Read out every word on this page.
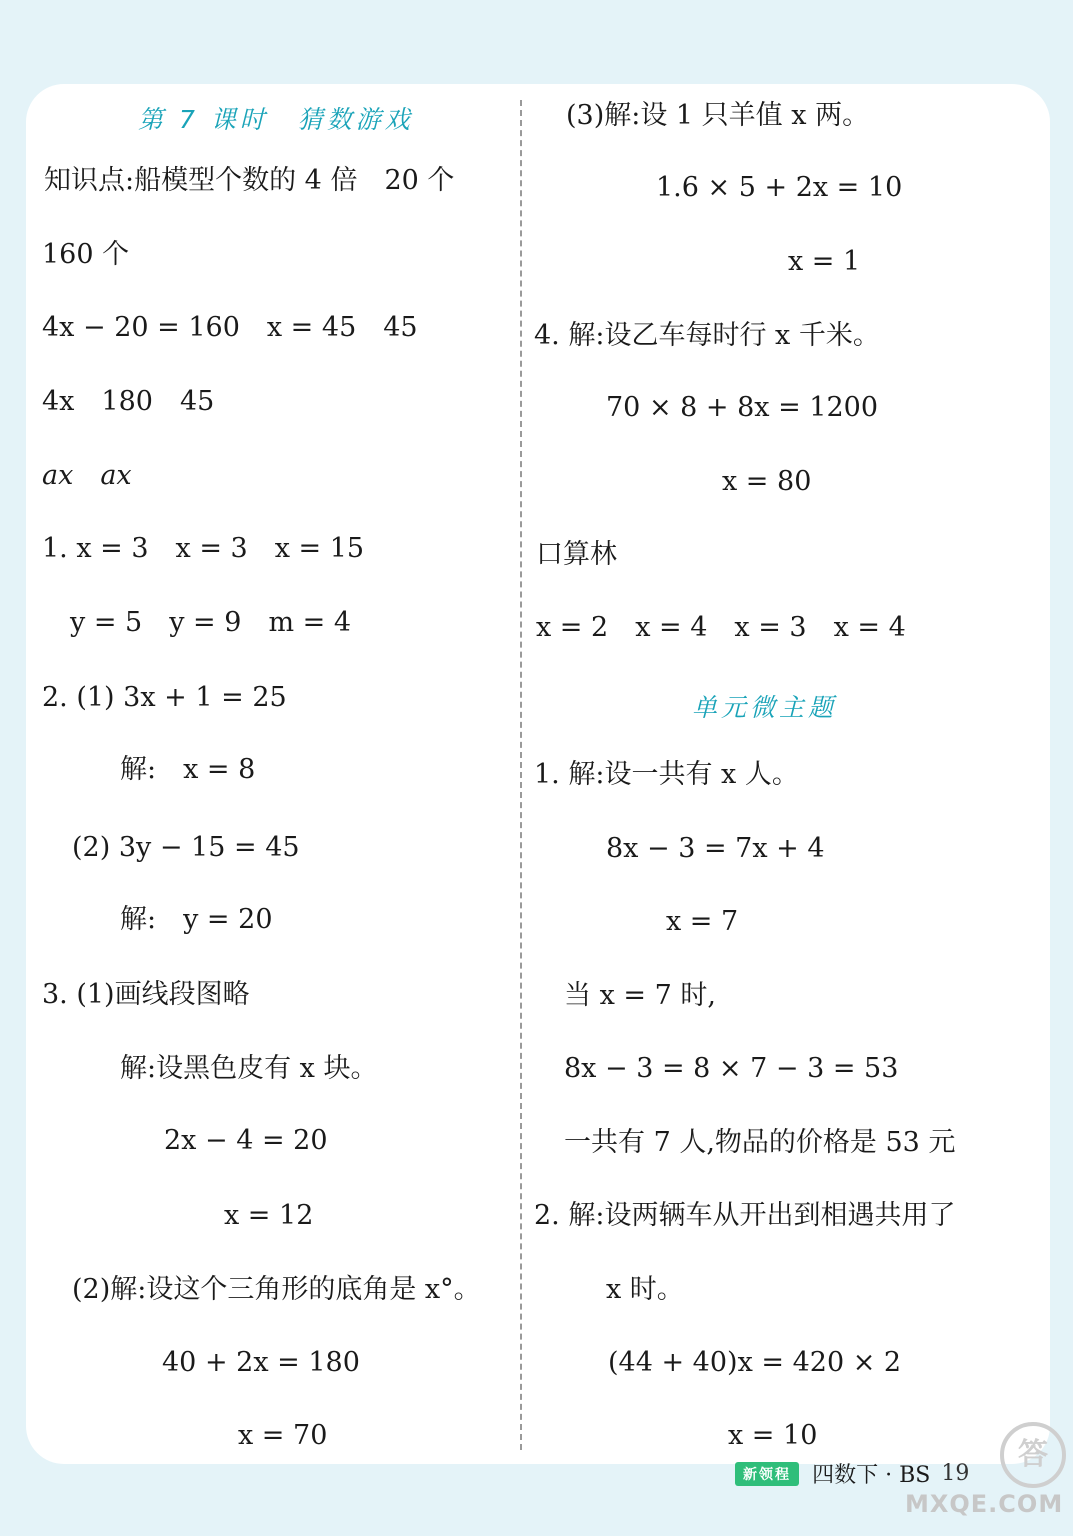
第 7 课时　猜数游戏
知识点:船模型个数的 4 倍　20 个
160 个
4x − 20 = 160　x = 45　45
4x　180　45
ax　ax
1. x = 3　x = 3　x = 15
y = 5　y = 9　m = 4
2. (1) 3x + 1 = 25
解:　x = 8
(2) 3y − 15 = 45
解:　y = 20
3. (1)画线段图略
解:设黑色皮有 x 块。
2x − 4 = 20
x = 12
(2)解:设这个三角形的底角是 x°。
40 + 2x = 180
x = 70
(3)解:设 1 只羊值 x 两。
1.6 × 5 + 2x = 10
x = 1
4. 解:设乙车每时行 x 千米。
70 × 8 + 8x = 1200
x = 80
口算林
x = 2　x = 4　x = 3　x = 4
单元微主题
1. 解:设一共有 x 人。
8x − 3 = 7x + 4
x = 7
当 x = 7 时,
8x − 3 = 8 × 7 − 3 = 53
一共有 7 人,物品的价格是 53 元
2. 解:设两辆车从开出到相遇共用了
x 时。
(44 + 40)x = 420 × 2
x = 10
新领程 四数下 · BS 19
答
MXQE.COM
